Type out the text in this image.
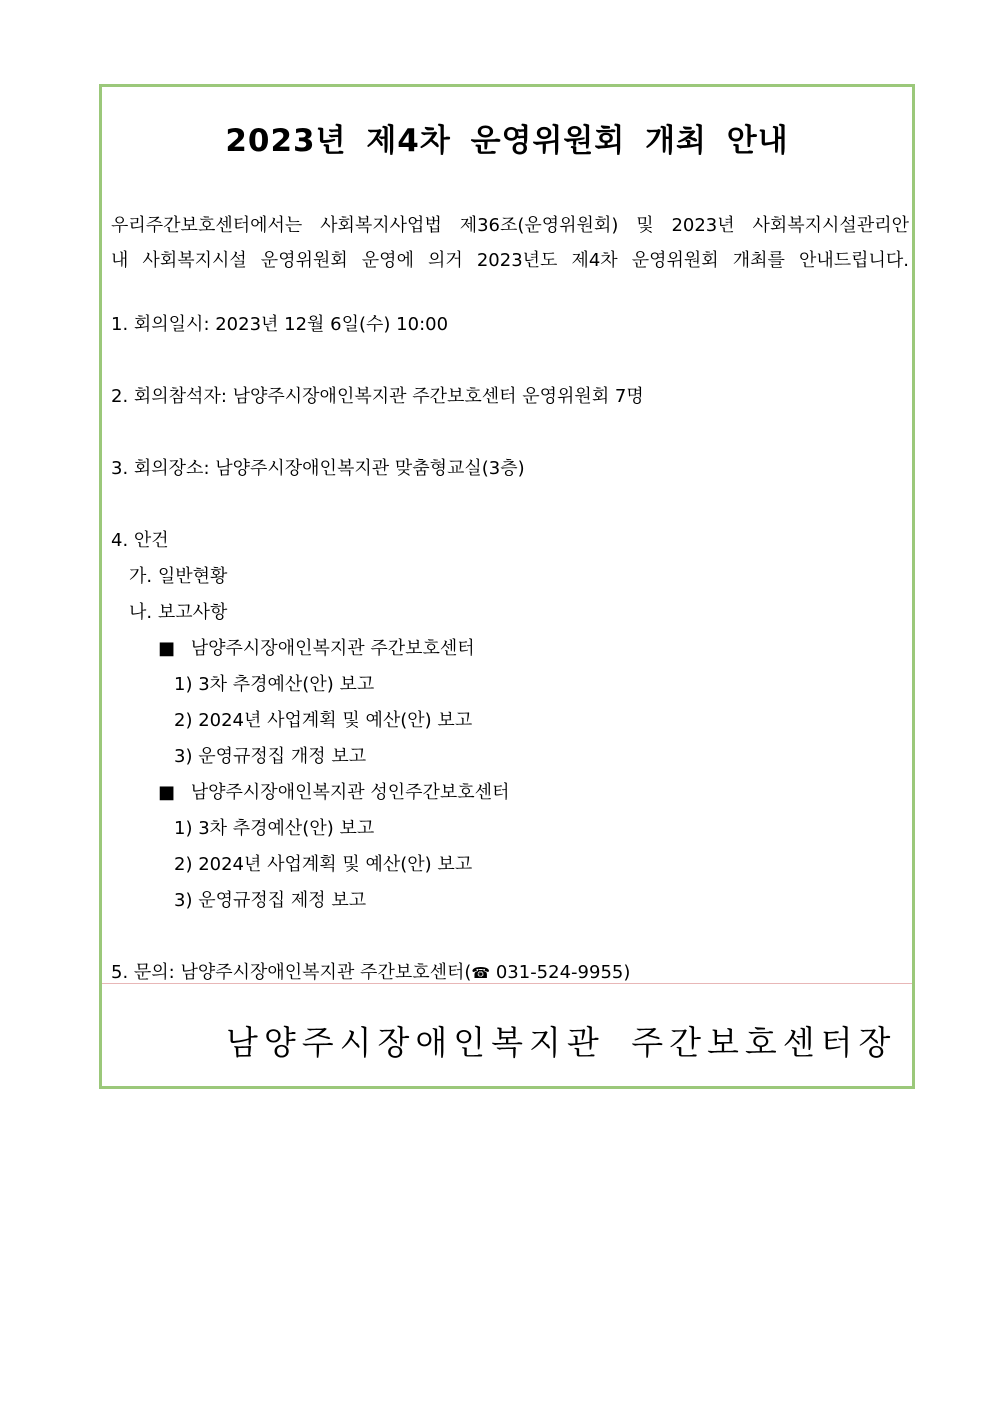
2023년 제4차 운영위원회 개최 안내
우리주간보호센터에서는 사회복지사업법 제36조(운영위원회) 및 2023년 사회복지시설관리안
내 사회복지시설 운영위원회 운영에 의거 2023년도 제4차 운영위원회 개최를 안내드립니다.
1. 회의일시: 2023년 12월 6일(수) 10:00
2. 회의참석자: 남양주시장애인복지관 주간보호센터 운영위원회 7명
3. 회의장소: 남양주시장애인복지관 맞춤형교실(3층)
4. 안건
가. 일반현황
나. 보고사항
■ 남양주시장애인복지관 주간보호센터
1) 3차 추경예산(안) 보고
2) 2024년 사업계획 및 예산(안) 보고
3) 운영규정집 개정 보고
■ 남양주시장애인복지관 성인주간보호센터
1) 3차 추경예산(안) 보고
2) 2024년 사업계획 및 예산(안) 보고
3) 운영규정집 제정 보고
5. 문의: 남양주시장애인복지관 주간보호센터(☎ 031-524-9955)
남양주시장애인복지관 주간보호센터장
